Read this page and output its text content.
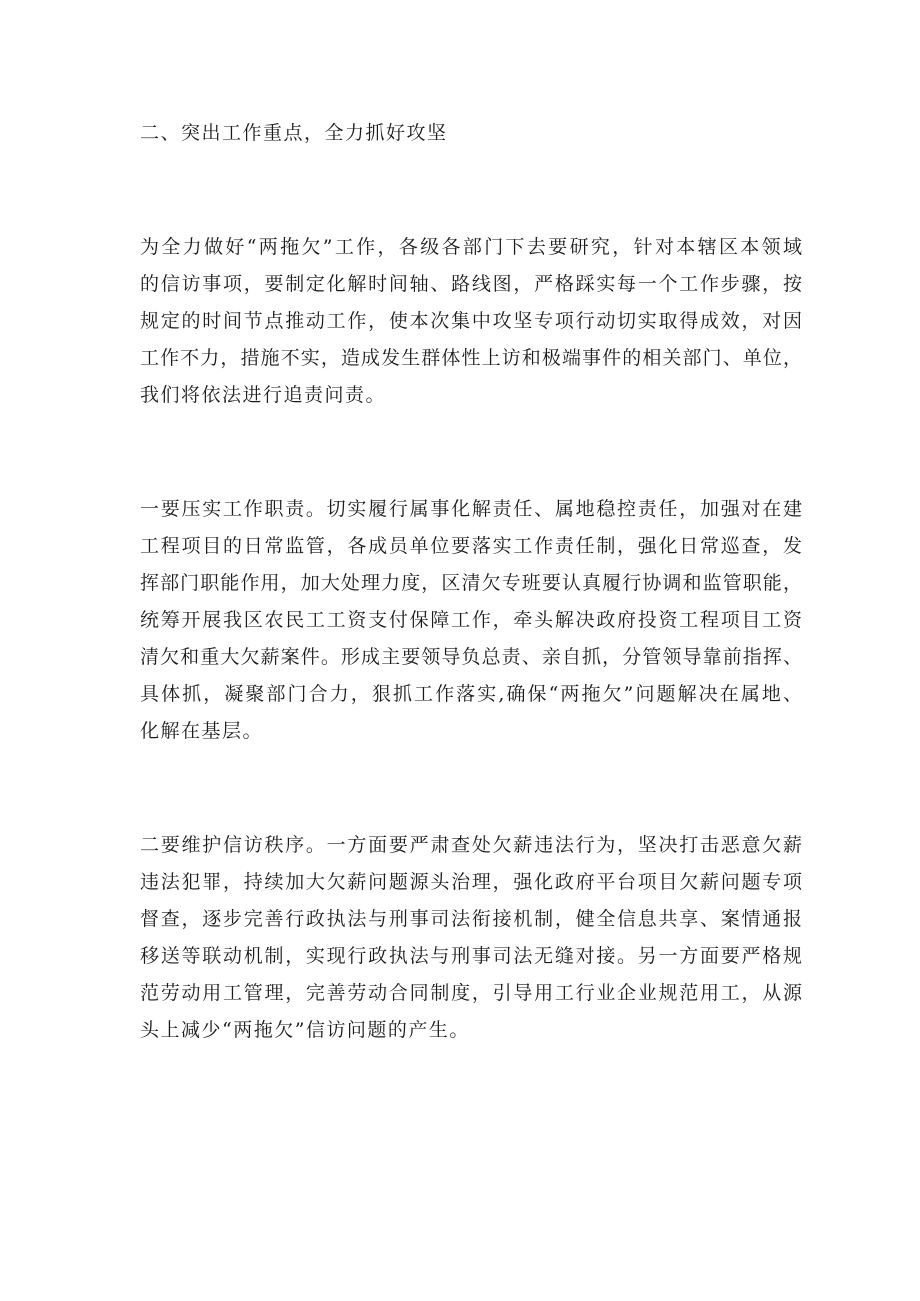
二、突出工作重点，全力抓好攻坚
为全力做好“两拖欠”工作，各级各部门下去要研究，针对本辖区本领域
的信访事项，要制定化解时间轴、路线图，严格踩实每一个工作步骤，按
规定的时间节点推动工作，使本次集中攻坚专项行动切实取得成效，对因
工作不力，措施不实，造成发生群体性上访和极端事件的相关部门、单位，
我们将依法进行追责问责。
一要压实工作职责。切实履行属事化解责任、属地稳控责任，加强对在建
工程项目的日常监管，各成员单位要落实工作责任制，强化日常巡查，发
挥部门职能作用，加大处理力度，区清欠专班要认真履行协调和监管职能，
统筹开展我区农民工工资支付保障工作，牵头解决政府投资工程项目工资
清欠和重大欠薪案件。形成主要领导负总责、亲自抓，分管领导靠前指挥、
具体抓，凝聚部门合力，狠抓工作落实,确保“两拖欠”问题解决在属地、
化解在基层。
二要维护信访秩序。一方面要严肃查处欠薪违法行为，坚决打击恶意欠薪
违法犯罪，持续加大欠薪问题源头治理，强化政府平台项目欠薪问题专项
督查，逐步完善行政执法与刑事司法衔接机制，健全信息共享、案情通报
移送等联动机制，实现行政执法与刑事司法无缝对接。另一方面要严格规
范劳动用工管理，完善劳动合同制度，引导用工行业企业规范用工，从源
头上减少“两拖欠”信访问题的产生。
